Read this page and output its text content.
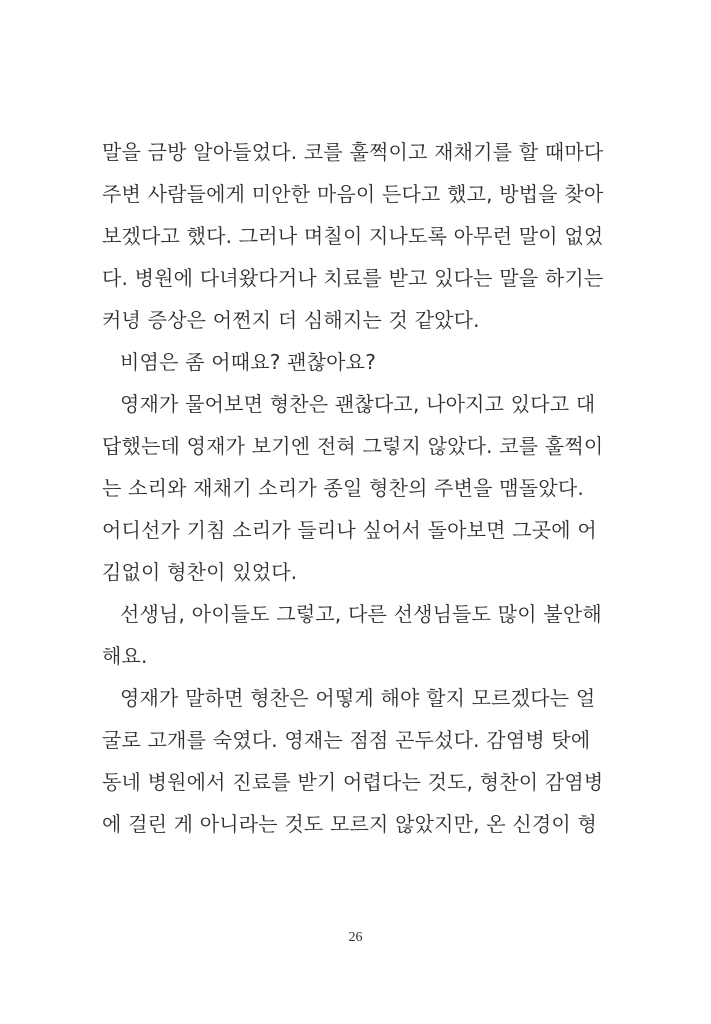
말을 금방 알아들었다. 코를 훌쩍이고 재채기를 할 때마다
주변 사람들에게 미안한 마음이 든다고 했고, 방법을 찾아
보겠다고 했다. 그러나 며칠이 지나도록 아무런 말이 없었
다. 병원에 다녀왔다거나 치료를 받고 있다는 말을 하기는
커녕 증상은 어쩐지 더 심해지는 것 같았다.
비염은 좀 어때요? 괜찮아요?
영재가 물어보면 형찬은 괜찮다고, 나아지고 있다고 대
답했는데 영재가 보기엔 전혀 그렇지 않았다. 코를 훌쩍이
는 소리와 재채기 소리가 종일 형찬의 주변을 맴돌았다.
어디선가 기침 소리가 들리나 싶어서 돌아보면 그곳에 어
김없이 형찬이 있었다.
선생님, 아이들도 그렇고, 다른 선생님들도 많이 불안해
해요.
영재가 말하면 형찬은 어떻게 해야 할지 모르겠다는 얼
굴로 고개를 숙였다. 영재는 점점 곤두섰다. 감염병 탓에
동네 병원에서 진료를 받기 어렵다는 것도, 형찬이 감염병
에 걸린 게 아니라는 것도 모르지 않았지만, 온 신경이 형
26
